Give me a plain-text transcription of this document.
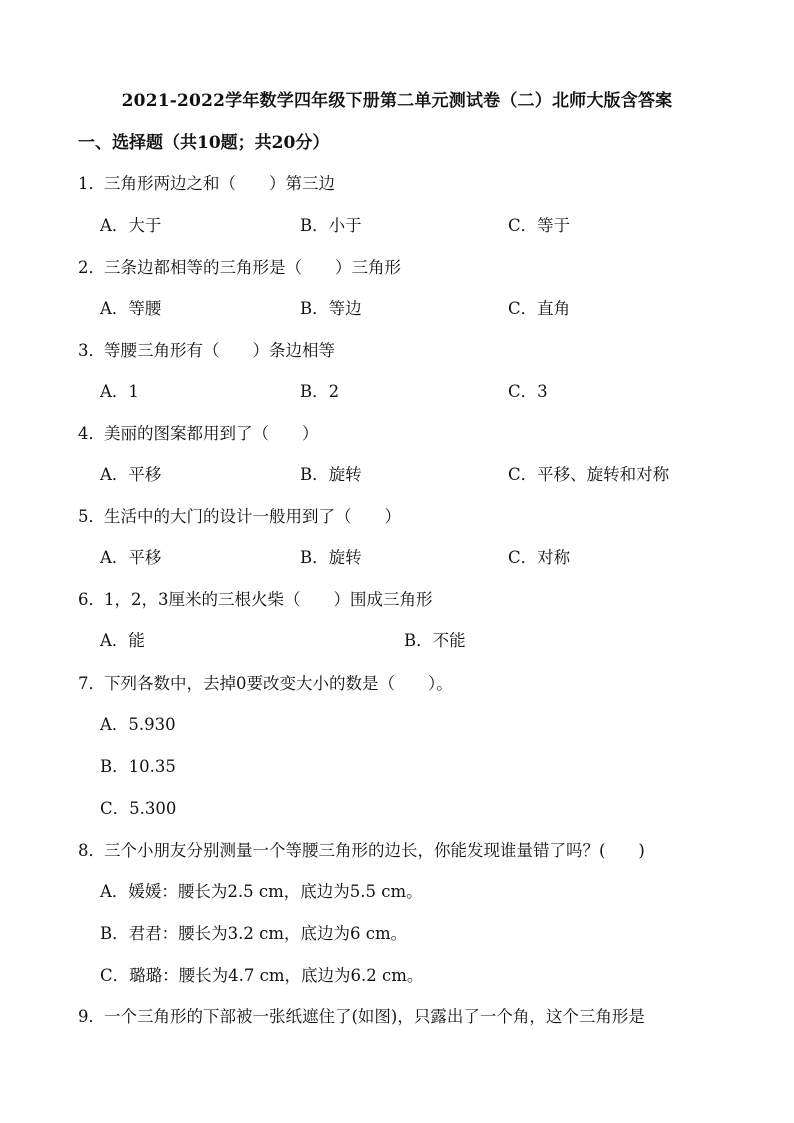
2021-2022学年数学四年级下册第二单元测试卷（二）北师大版含答案
一、选择题（共10题；共20分）
1．三角形两边之和（　　）第三边
A．大于	B．小于	C．等于
2．三条边都相等的三角形是（　　）三角形
A．等腰	B．等边	C．直角
3．等腰三角形有（　　）条边相等
A．1	B．2	C．3
4．美丽的图案都用到了（　　）
A．平移	B．旋转	C．平移、旋转和对称
5．生活中的大门的设计一般用到了（　　）
A．平移	B．旋转	C．对称
6．1，2，3厘米的三根火柴（　　）围成三角形
A．能	B．不能
7．下列各数中，去掉0要改变大小的数是（　　）。
A．5.930
B．10.35
C．5.300
8．三个小朋友分别测量一个等腰三角形的边长，你能发现谁量错了吗？(　　)
A．媛媛：腰长为2.5 cm，底边为5.5 cm。
B．君君：腰长为3.2 cm，底边为6 cm。
C．璐璐：腰长为4.7 cm，底边为6.2 cm。
9．一个三角形的下部被一张纸遮住了(如图)，只露出了一个角，这个三角形是
